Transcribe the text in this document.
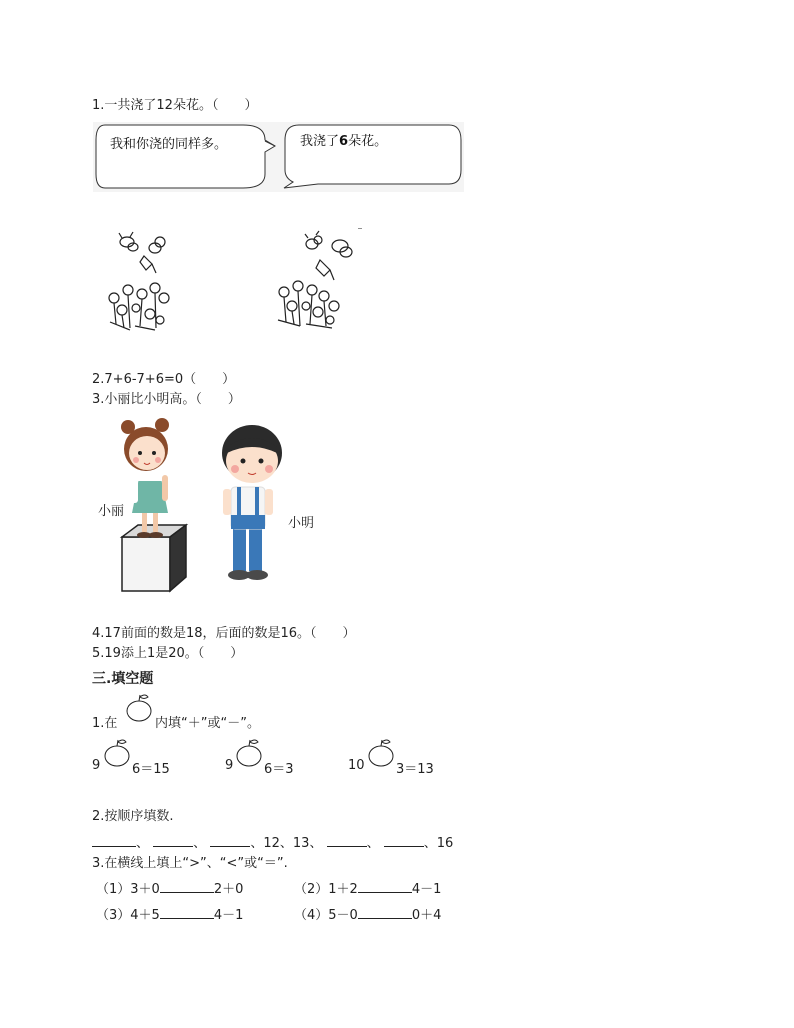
1.一共浇了12朵花。（　　）
我和你浇的同样多。	我浇了6朵花。
2.7+6-7+6=0（　　）
3.小丽比小明高。（　　）
小丽
小明
4.17前面的数是18，后面的数是16。（　　）
5.19添上1是20。（　　）
三.填空题
1.在	内填“＋”或“－”。
9 6＝15	9 6＝3	10 3＝13
2.按顺序填数.
、	、	、12、13、	、	、16
3.在横线上填上“>”、“<”或“＝”.
（1）3＋0	2＋0	（2）1＋2	4－1
（3）4＋5	4－1	（4）5－0	0＋4
